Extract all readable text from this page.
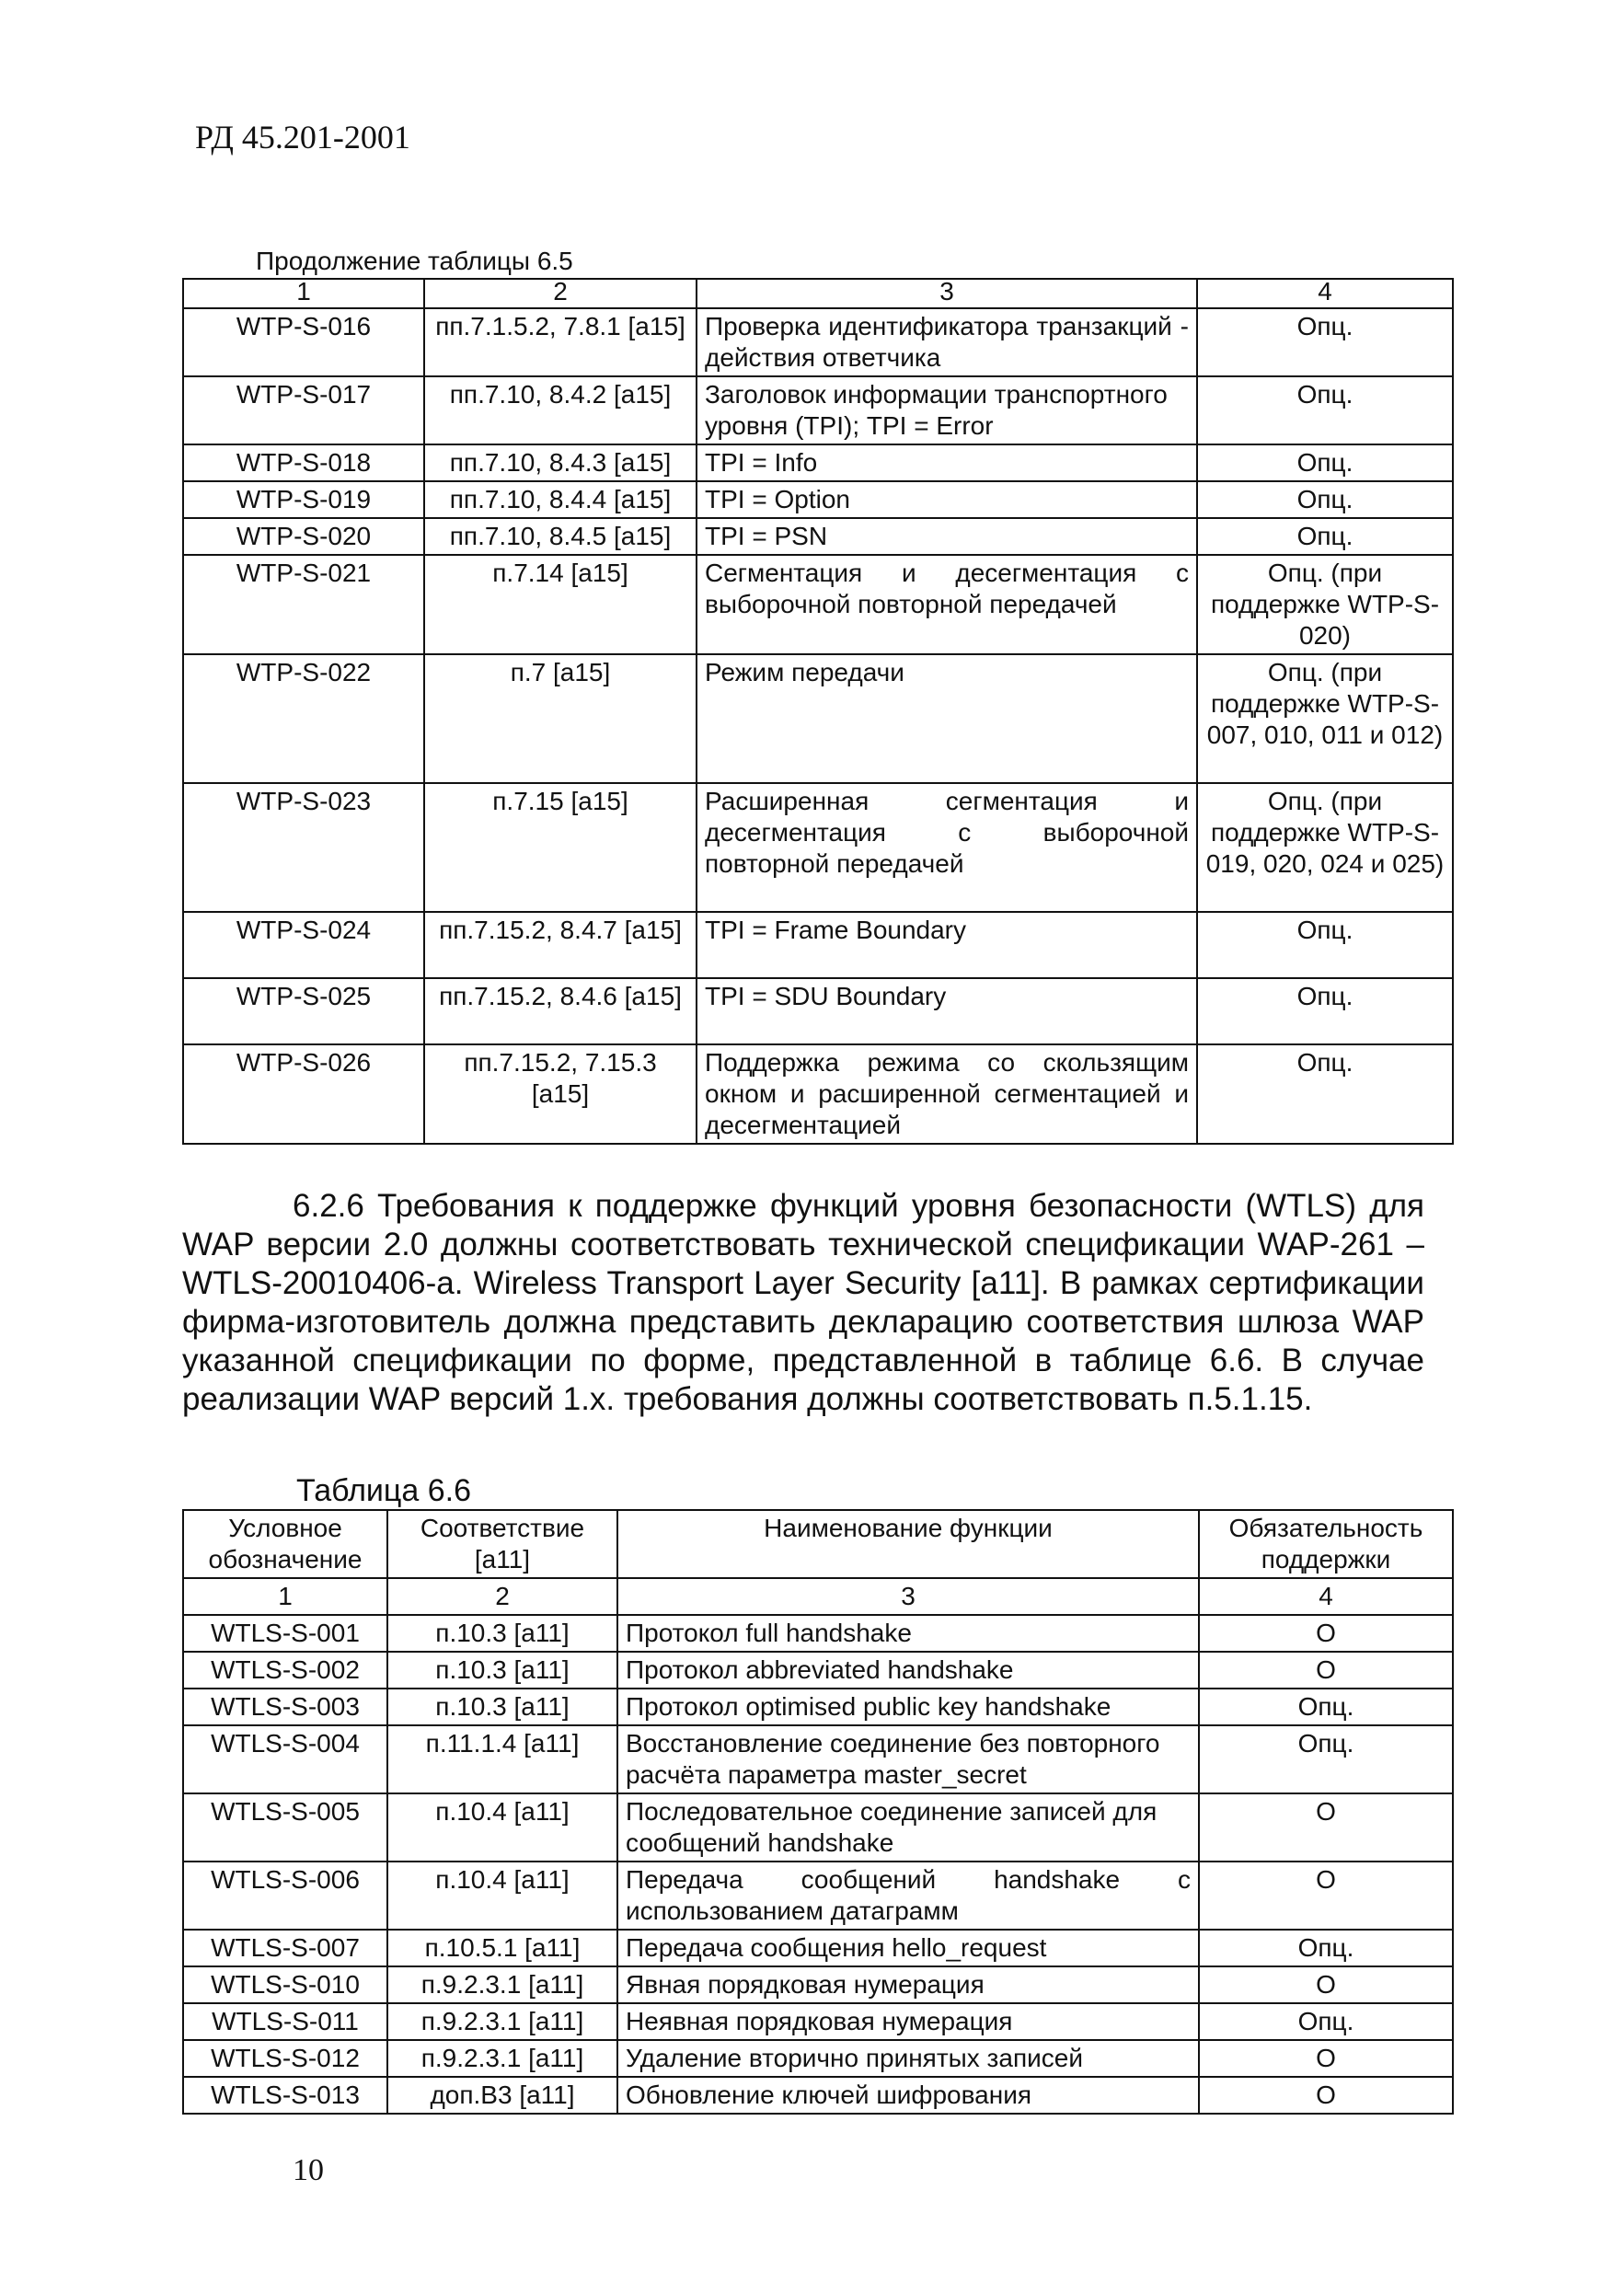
РД 45.201-2001
Продолжение таблицы 6.5
1	2	3	4
WTP-S-016	пп.7.1.5.2, 7.8.1 [a15]	Проверка идентификатора транзакций - действия ответчика	Опц.
WTP-S-017	пп.7.10, 8.4.2 [a15]	Заголовок информации транспортного уровня (TPI); TPI = Error	Опц.
WTP-S-018	пп.7.10, 8.4.3 [a15]	TPI = Info	Опц.
WTP-S-019	пп.7.10, 8.4.4 [a15]	TPI = Option	Опц.
WTP-S-020	пп.7.10, 8.4.5 [a15]	TPI = PSN	Опц.
WTP-S-021	п.7.14 [a15]	Сегментация и десегментация с выборочной повторной передачей	Опц. (при поддержке WTP-S-020)
WTP-S-022	п.7 [a15]	Режим передачи	Опц. (при поддержке WTP-S-007, 010, 011 и 012)
WTP-S-023	п.7.15 [a15]	Расширенная сегментация и десегментация с выборочной повторной передачей	Опц. (при поддержке WTP-S-019, 020, 024 и 025)
WTP-S-024	пп.7.15.2, 8.4.7 [a15]	TPI = Frame Boundary	Опц.
WTP-S-025	пп.7.15.2, 8.4.6 [a15]	TPI = SDU Boundary	Опц.
WTP-S-026	пп.7.15.2, 7.15.3 [a15]	Поддержка режима со скользящим окном и расширенной сегментацией и десегментацией	Опц.

6.2.6 Требования к поддержке функций уровня безопасности (WTLS) для WAP версии 2.0 должны соответствовать технической спецификации WAP-261 – WTLS-20010406-a. Wireless Transport Layer Security [a11]. В рамках сертификации фирма-изготовитель должна представить декларацию соответствия шлюза WAP указанной спецификации по форме, представленной в таблице 6.6. В случае реализации WAP версий 1.x. требования должны соответствовать п.5.1.15.

Таблица 6.6
Условное обозначение	Соответствие [a11]	Наименование функции	Обязательность поддержки
1	2	3	4
WTLS-S-001	п.10.3 [a11]	Протокол full handshake	O
WTLS-S-002	п.10.3 [a11]	Протокол abbreviated handshake	O
WTLS-S-003	п.10.3 [a11]	Протокол optimised public key handshake	Опц.
WTLS-S-004	п.11.1.4 [a11]	Восстановление соединение без повторного расчёта параметра master_secret	Опц.
WTLS-S-005	п.10.4 [a11]	Последовательное соединение записей для сообщений handshake	O
WTLS-S-006	п.10.4 [a11]	Передача сообщений handshake с использованием датаграмм	O
WTLS-S-007	п.10.5.1 [a11]	Передача сообщения hello_request	Опц.
WTLS-S-010	п.9.2.3.1 [a11]	Явная порядковая нумерация	O
WTLS-S-011	п.9.2.3.1 [a11]	Неявная порядковая нумерация	Опц.
WTLS-S-012	п.9.2.3.1 [a11]	Удаление вторично принятых записей	O
WTLS-S-013	доп.B3 [a11]	Обновление ключей шифрования	O
10
